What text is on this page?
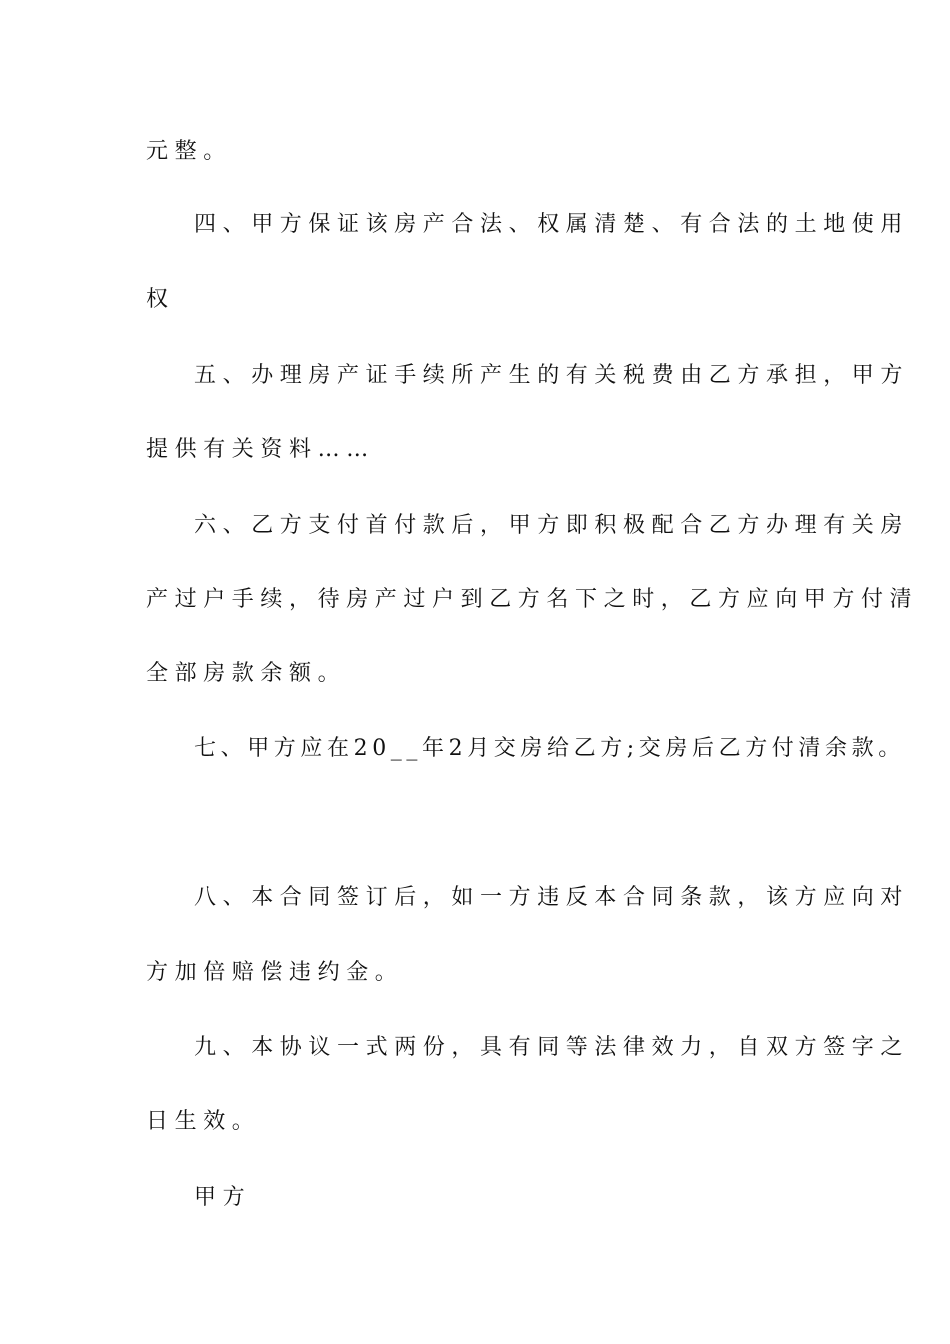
元整。

四、甲方保证该房产合法、权属清楚、有合法的土地使用

权

五、办理房产证手续所产生的有关税费由乙方承担，甲方

提供有关资料……

六、乙方支付首付款后，甲方即积极配合乙方办理有关房

产过户手续，待房产过户到乙方名下之时，乙方应向甲方付清

全部房款余额。

七、甲方应在20__年2月交房给乙方;交房后乙方付清余款。

八、本合同签订后，如一方违反本合同条款，该方应向对

方加倍赔偿违约金。

九、本协议一式两份，具有同等法律效力，自双方签字之

日生效。

甲方
